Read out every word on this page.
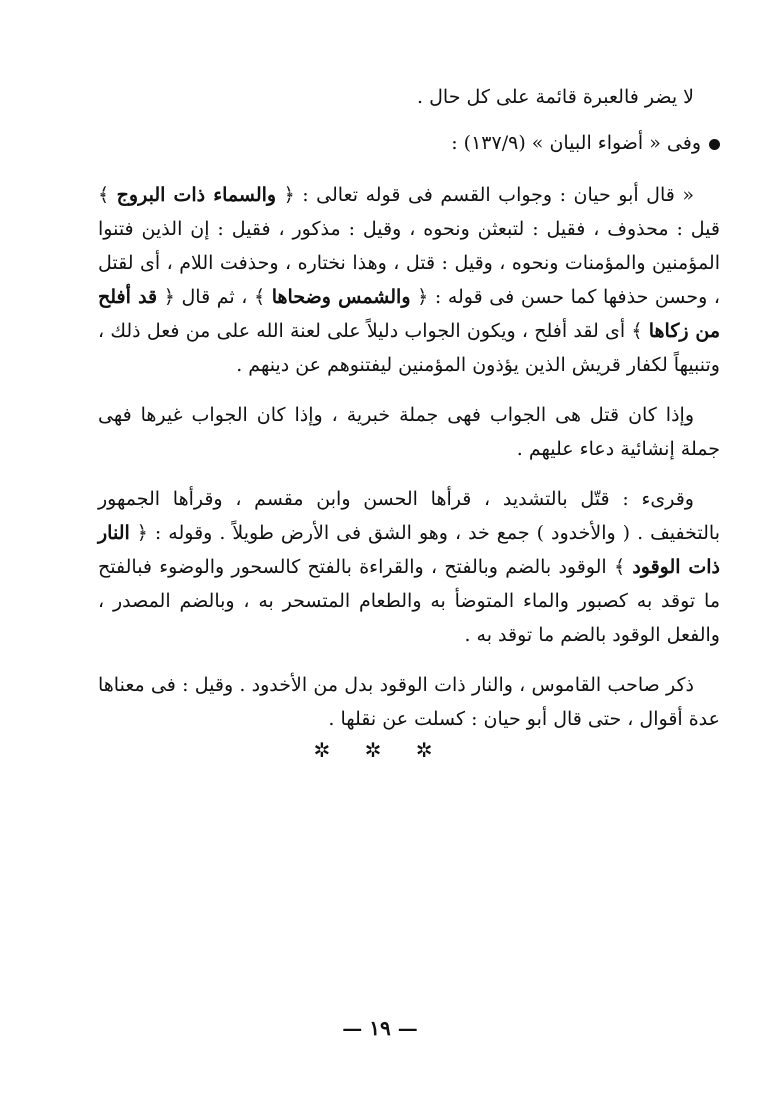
لا يضر فالعبرة قائمة على كل حال .

وفى « أضواء البيان » (١٣٧/٩) :

« قال أبو حيان : وجواب القسم فى قوله تعالى : ﴿ والسماء ذات البروج ﴾ قيل : محذوف ، فقيل : لتبعثن ونحوه ، وقيل : مذكور ، فقيل : إن الذين فتنوا المؤمنين والمؤمنات ونحوه ، وقيل : قتل ، وهذا نختاره ، وحذفت اللام ، أى لقتل ، وحسن حذفها كما حسن فى قوله : ﴿ والشمس وضحاها ﴾ ، ثم قال ﴿ قد أفلح من زكاها ﴾ أى لقد أفلح ، ويكون الجواب دليلاً على لعنة الله على من فعل ذلك ، وتنبيهاً لكفار قريش الذين يؤذون المؤمنين ليفتنوهم عن دينهم .

وإذا كان قتل هى الجواب فهى جملة خبرية ، وإذا كان الجواب غيرها فهى جملة إنشائية دعاء عليهم .

وقرىء : قتّل بالتشديد ، قرأها الحسن وابن مقسم ، وقرأها الجمهور بالتخفيف . ( والأخدود ) جمع خد ، وهو الشق فى الأرض طويلاً . وقوله : ﴿ النار ذات الوقود ﴾ الوقود بالضم وبالفتح ، والقراءة بالفتح كالسحور والوضوء فبالفتح ما توقد به كصبور والماء المتوضأ به والطعام المتسحر به ، وبالضم المصدر ، والفعل الوقود بالضم ما توقد به .

ذكر صاحب القاموس ، والنار ذات الوقود بدل من الأخدود . وقيل : فى معناها عدة أقوال ، حتى قال أبو حيان : كسلت عن نقلها .

✲ ✲ ✲
— ١٩ —
